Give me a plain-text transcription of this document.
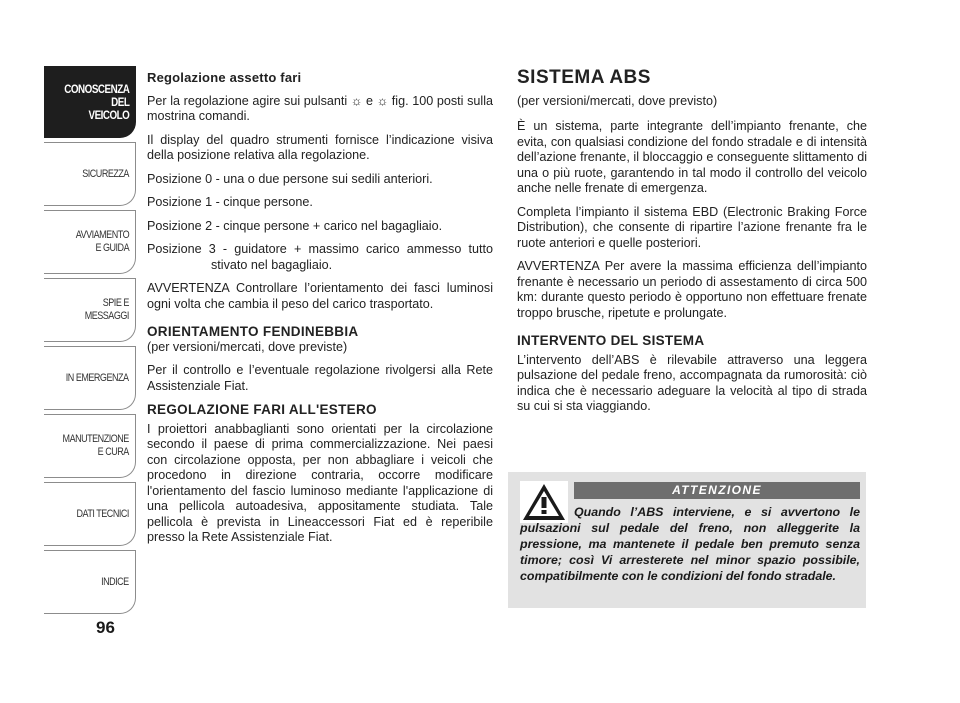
CONOSCENZA
DEL
VEICOLO
SICUREZZA
AVVIAMENTO
E GUIDA
SPIE E
MESSAGGI
IN EMERGENZA
MANUTENZIONE
E CURA
DATI TECNICI
INDICE
96

Regolazione assetto fari

Per la regolazione agire sui pulsanti ☼ e ☼ fig. 100 posti sulla mostrina comandi.

Il display del quadro strumenti fornisce l’indicazione visiva della posizione relativa alla regolazione.

Posizione 0 - una o due persone sui sedili anteriori.

Posizione 1 - cinque persone.

Posizione 2 - cinque persone + carico nel bagagliaio.

Posizione 3 - guidatore + massimo carico ammesso tutto stivato nel bagagliaio.

AVVERTENZA Controllare l’orientamento dei fasci luminosi ogni volta che cambia il peso del carico trasportato.

ORIENTAMENTO FENDINEBBIA

(per versioni/mercati, dove previste)

Per il controllo e l’eventuale regolazione rivolgersi alla Rete Assistenziale Fiat.

REGOLAZIONE FARI ALL'ESTERO

I proiettori anabbaglianti sono orientati per la circolazione secondo il paese di prima commercializzazione. Nei paesi con circolazione opposta, per non abbagliare i veicoli che procedono in direzione contraria, occorre modificare l'orientamento del fascio luminoso mediante l'applicazione di una pellicola autoadesiva, appositamente studiata. Tale pellicola è prevista in Lineaccessori Fiat ed è reperibile presso la Rete Assistenziale Fiat.

SISTEMA ABS

(per versioni/mercati, dove previsto)

È un sistema, parte integrante dell’impianto frenante, che evita, con qualsiasi condizione del fondo stradale e di intensità dell’azione frenante, il bloccaggio e conseguente slittamento di una o più ruote, garantendo in tal modo il controllo del veicolo anche nelle frenate di emergenza.

Completa l’impianto il sistema EBD (Electronic Braking Force Distribution), che consente di ripartire l’azione frenante fra le ruote anteriori e quelle posteriori.

AVVERTENZA Per avere la massima efficienza dell’impianto frenante è necessario un periodo di assestamento di circa 500 km: durante questo periodo è opportuno non effettuare frenate troppo brusche, ripetute e prolungate.

INTERVENTO DEL SISTEMA

L’intervento dell’ABS è rilevabile attraverso una leggera pulsazione del pedale freno, accompagnata da rumorosità: ciò indica che è necessario adeguare la velocità al tipo di strada su cui si sta viaggiando.

ATTENZIONE
Quando l’ABS interviene, e si avvertono le pulsazioni sul pedale del freno, non alleggerite la pressione, ma mantenete il pedale ben premuto senza timore; così Vi arresterete nel minor spazio possibile, compatibilmente con le condizioni del fondo stradale.
